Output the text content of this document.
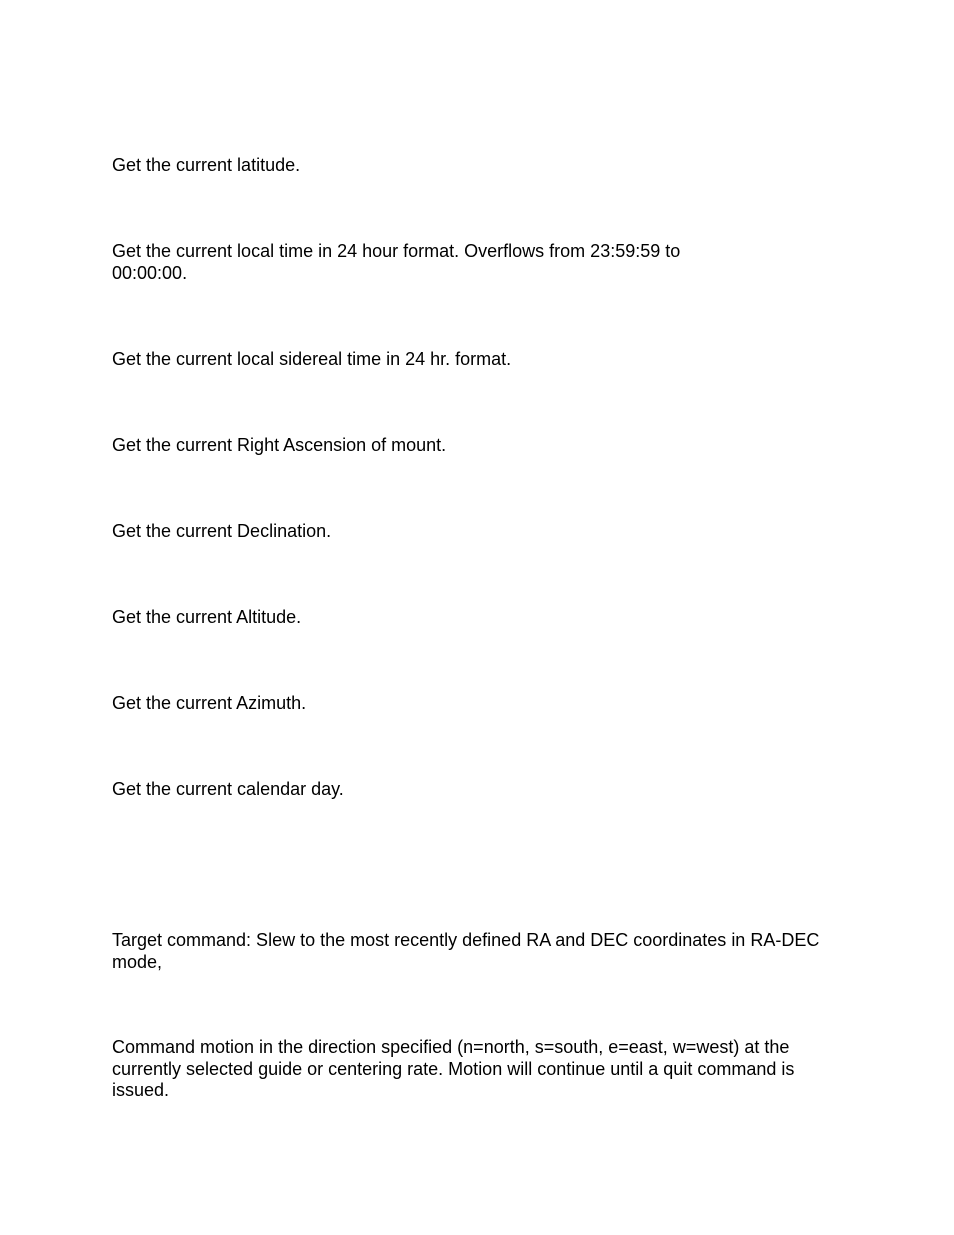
Get the current latitude.

Get the current local time in 24 hour format. Overflows from 23:59:59 to 00:00:00.

Get the current local sidereal time in 24 hr. format.

Get the current Right Ascension of mount.

Get the current Declination.

Get the current Altitude.

Get the current Azimuth.

Get the current calendar day.

Target command: Slew to the most recently defined RA and DEC coordinates in RA-DEC mode,

Command motion in the direction specified (n=north, s=south, e=east, w=west) at the currently selected guide or centering rate. Motion will continue until a quit command is issued.
